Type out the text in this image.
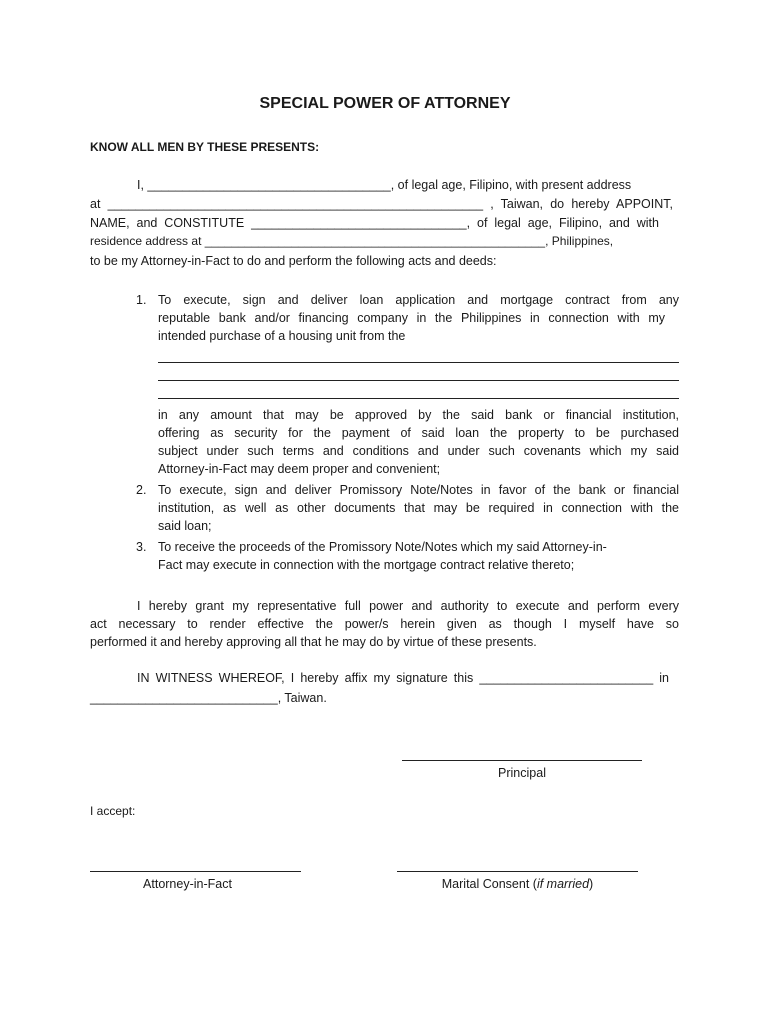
SPECIAL POWER OF ATTORNEY
KNOW ALL MEN BY THESE PRESENTS:
I, ___________________________________, of legal age, Filipino, with present address
at ______________________________________________________ , Taiwan, do hereby APPOINT,
NAME, and CONSTITUTE _______________________________, of legal age, Filipino, and with
residence address at ___________________________________________________, Philippines,
to be my Attorney-in-Fact to do and perform the following acts and deeds:
1. To execute, sign and deliver loan application and mortgage contract from any
reputable bank and/or financing company in the Philippines in connection with my
intended purchase of a housing unit from the
in any amount that may be approved by the said bank or financial institution,
offering as security for the payment of said loan the property to be purchased
subject under such terms and conditions and under such covenants which my said
Attorney-in-Fact may deem proper and convenient;
2. To execute, sign and deliver Promissory Note/Notes in favor of the bank or financial
institution, as well as other documents that may be required in connection with the
said loan;
3. To receive the proceeds of the Promissory Note/Notes which my said Attorney-in-
Fact may execute in connection with the mortgage contract relative thereto;
I hereby grant my representative full power and authority to execute and perform every
act necessary to render effective the power/s herein given as though I myself have so
performed it and hereby approving all that he may do by virtue of these presents.
IN WITNESS WHEREOF, I hereby affix my signature this _________________________ in
___________________________, Taiwan.
Principal
I accept:
Attorney-in-Fact	Marital Consent (if married)
